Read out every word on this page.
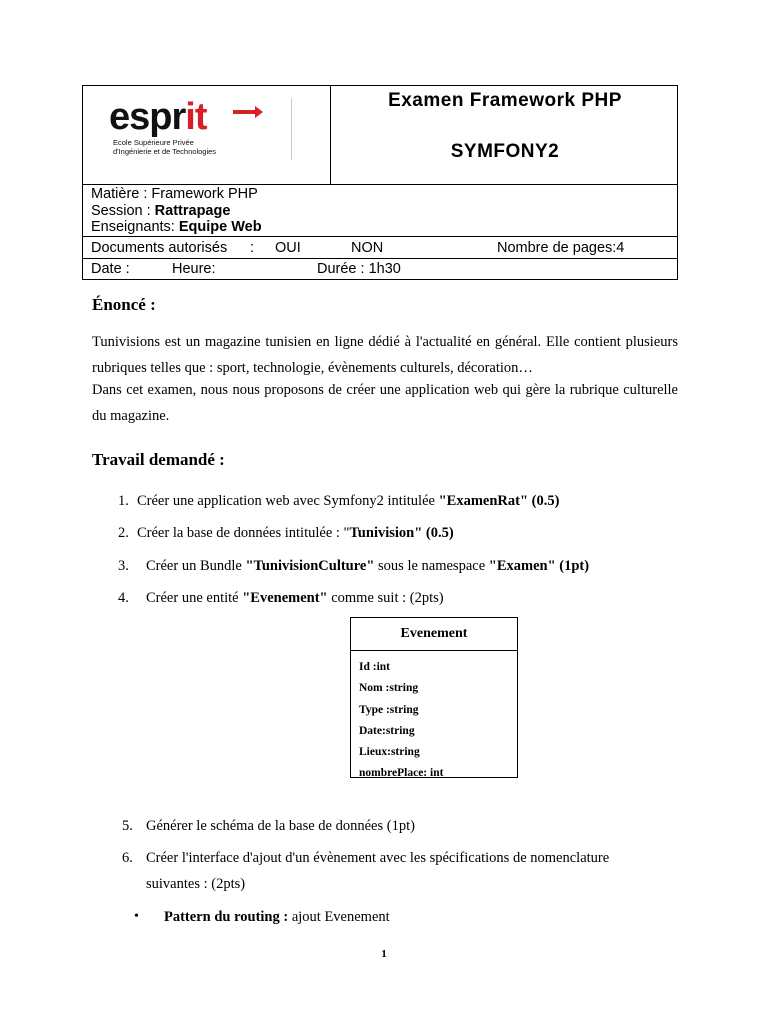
esprit
Ecole Supérieure Privée
d'Ingénierie et de Technologies
Examen Framework PHP
SYMFONY2
Matière : Framework PHP
Session : Rattrapage
Enseignants: Equipe Web
Documents autorisés : OUI	NON	Nombre de pages:4
Date :	Heure:	Durée : 1h30
Énoncé :
Tunivisions est un magazine tunisien en ligne dédié à l'actualité en général. Elle contient plusieurs rubriques telles que : sport, technologie, évènements culturels, décoration…
Dans cet examen, nous nous proposons de créer une application web qui gère la rubrique culturelle du magazine.
Travail demandé :
1. Créer une application web avec Symfony2 intitulée "ExamenRat" (0.5)
2. Créer la base de données intitulée : "Tunivision" (0.5)
3. Créer un Bundle "TunivisionCulture" sous le namespace "Examen" (1pt)
4. Créer une entité "Evenement" comme suit : (2pts)
Evenement
Id :int
Nom :string
Type :string
Date:string
Lieux:string
nombrePlace: int
5. Générer le schéma de la base de données (1pt)
6. Créer l'interface d'ajout d'un évènement avec les spécifications de nomenclature
suivantes : (2pts)
• Pattern du routing : ajout Evenement
1
